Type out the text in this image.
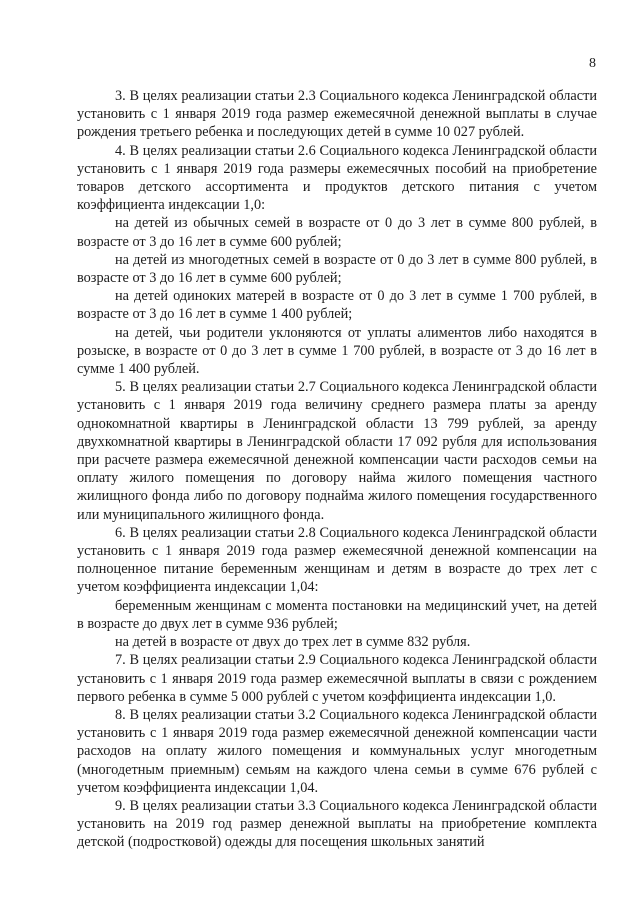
8

3. В целях реализации статьи 2.3 Социального кодекса Ленинградской области установить с 1 января 2019 года размер ежемесячной денежной выплаты в случае рождения третьего ребенка и последующих детей в сумме 10 027 рублей.

4. В целях реализации статьи 2.6 Социального кодекса Ленинградской области установить с 1 января 2019 года размеры ежемесячных пособий на приобретение товаров детского ассортимента и продуктов детского питания с учетом коэффициента индексации 1,0:

на детей из обычных семей в возрасте от 0 до 3 лет в сумме 800 рублей, в возрасте от 3 до 16 лет в сумме 600 рублей;

на детей из многодетных семей в возрасте от 0 до 3 лет в сумме 800 рублей, в возрасте от 3 до 16 лет в сумме 600 рублей;

на детей одиноких матерей в возрасте от 0 до 3 лет в сумме 1 700 рублей, в возрасте от 3 до 16 лет в сумме 1 400 рублей;

на детей, чьи родители уклоняются от уплаты алиментов либо находятся в розыске, в возрасте от 0 до 3 лет в сумме 1 700 рублей, в возрасте от 3 до 16 лет в сумме 1 400 рублей.

5. В целях реализации статьи 2.7 Социального кодекса Ленинградской области установить с 1 января 2019 года величину среднего размера платы за аренду однокомнатной квартиры в Ленинградской области 13 799 рублей, за аренду двухкомнатной квартиры в Ленинградской области 17 092 рубля для использования при расчете размера ежемесячной денежной компенсации части расходов семьи на оплату жилого помещения по договору найма жилого помещения частного жилищного фонда либо по договору поднайма жилого помещения государственного или муниципального жилищного фонда.

6. В целях реализации статьи 2.8 Социального кодекса Ленинградской области установить с 1 января 2019 года размер ежемесячной денежной компенсации на полноценное питание беременным женщинам и детям в возрасте до трех лет с учетом коэффициента индексации 1,04:

беременным женщинам с момента постановки на медицинский учет, на детей в возрасте до двух лет в сумме 936 рублей;

на детей в возрасте от двух до трех лет в сумме 832 рубля.

7. В целях реализации статьи 2.9 Социального кодекса Ленинградской области установить с 1 января 2019 года размер ежемесячной выплаты в связи с рождением первого ребенка в сумме 5 000 рублей с учетом коэффициента индексации 1,0.

8. В целях реализации статьи 3.2 Социального кодекса Ленинградской области установить с 1 января 2019 года размер ежемесячной денежной компенсации части расходов на оплату жилого помещения и коммунальных услуг многодетным (многодетным приемным) семьям на каждого члена семьи в сумме 676 рублей с учетом коэффициента индексации 1,04.

9. В целях реализации статьи 3.3 Социального кодекса Ленинградской области установить на 2019 год размер денежной выплаты на приобретение комплекта детской (подростковой) одежды для посещения школьных занятий
